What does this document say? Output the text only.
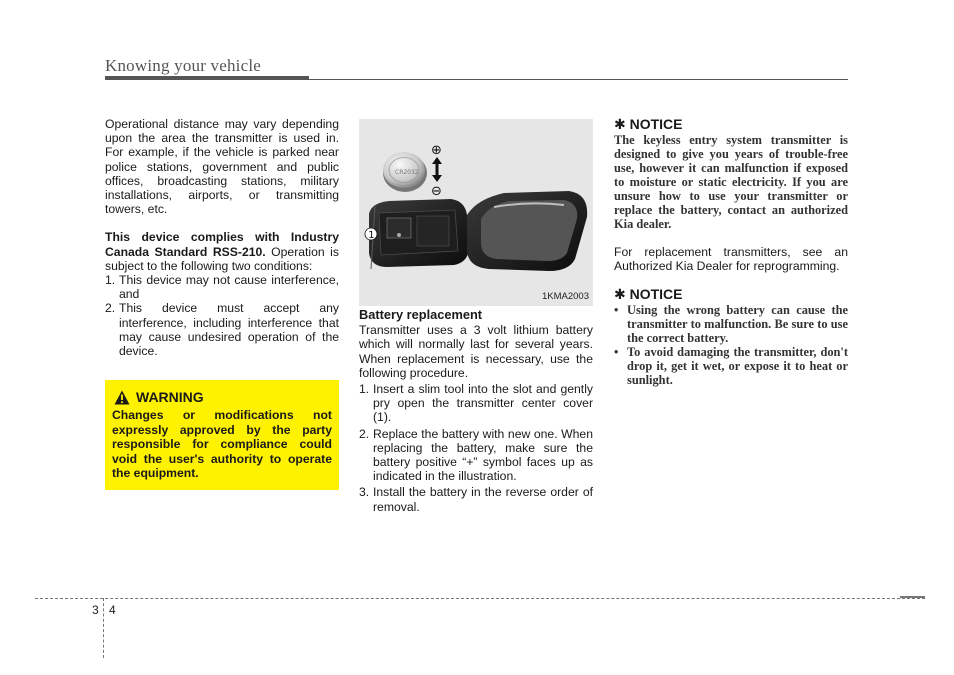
Knowing your vehicle

Operational distance may vary depending upon the area the transmitter is used in. For example, if the vehicle is parked near police stations, government and public offices, broadcasting stations, military installations, airports, or transmitting towers, etc.

This device complies with Industry Canada Standard RSS-210. Operation is subject to the following two conditions:

1. This device may not cause interference, and
2. This device must accept any interference, including interference that may cause undesired operation of the device.
WARNING
Changes or modifications not expressly approved by the party responsible for compliance could void the user's authority to operate the equipment.
CR2032
⊕
⊖
1
1KMA2003
Battery replacement

Transmitter uses a 3 volt lithium battery which will normally last for several years. When replacement is necessary, use the following procedure.

1. Insert a slim tool into the slot and gently pry open the transmitter center cover (1).
2. Replace the battery with new one. When replacing the battery, make sure the battery positive “+” symbol faces up as indicated in the illustration.
3. Install the battery in the reverse order of removal.
✱ NOTICE
The keyless entry system transmitter is designed to give you years of trouble-free use, however it can malfunction if exposed to moisture or static electricity. If you are unsure how to use your transmitter or replace the battery, contact an authorized Kia dealer.

For replacement transmitters, see an Authorized Kia Dealer for reprogramming.

✱ NOTICE
• Using the wrong battery can cause the transmitter to malfunction. Be sure to use the correct battery.
• To avoid damaging the transmitter, don't drop it, get it wet, or expose it to heat or sunlight.
3 4
